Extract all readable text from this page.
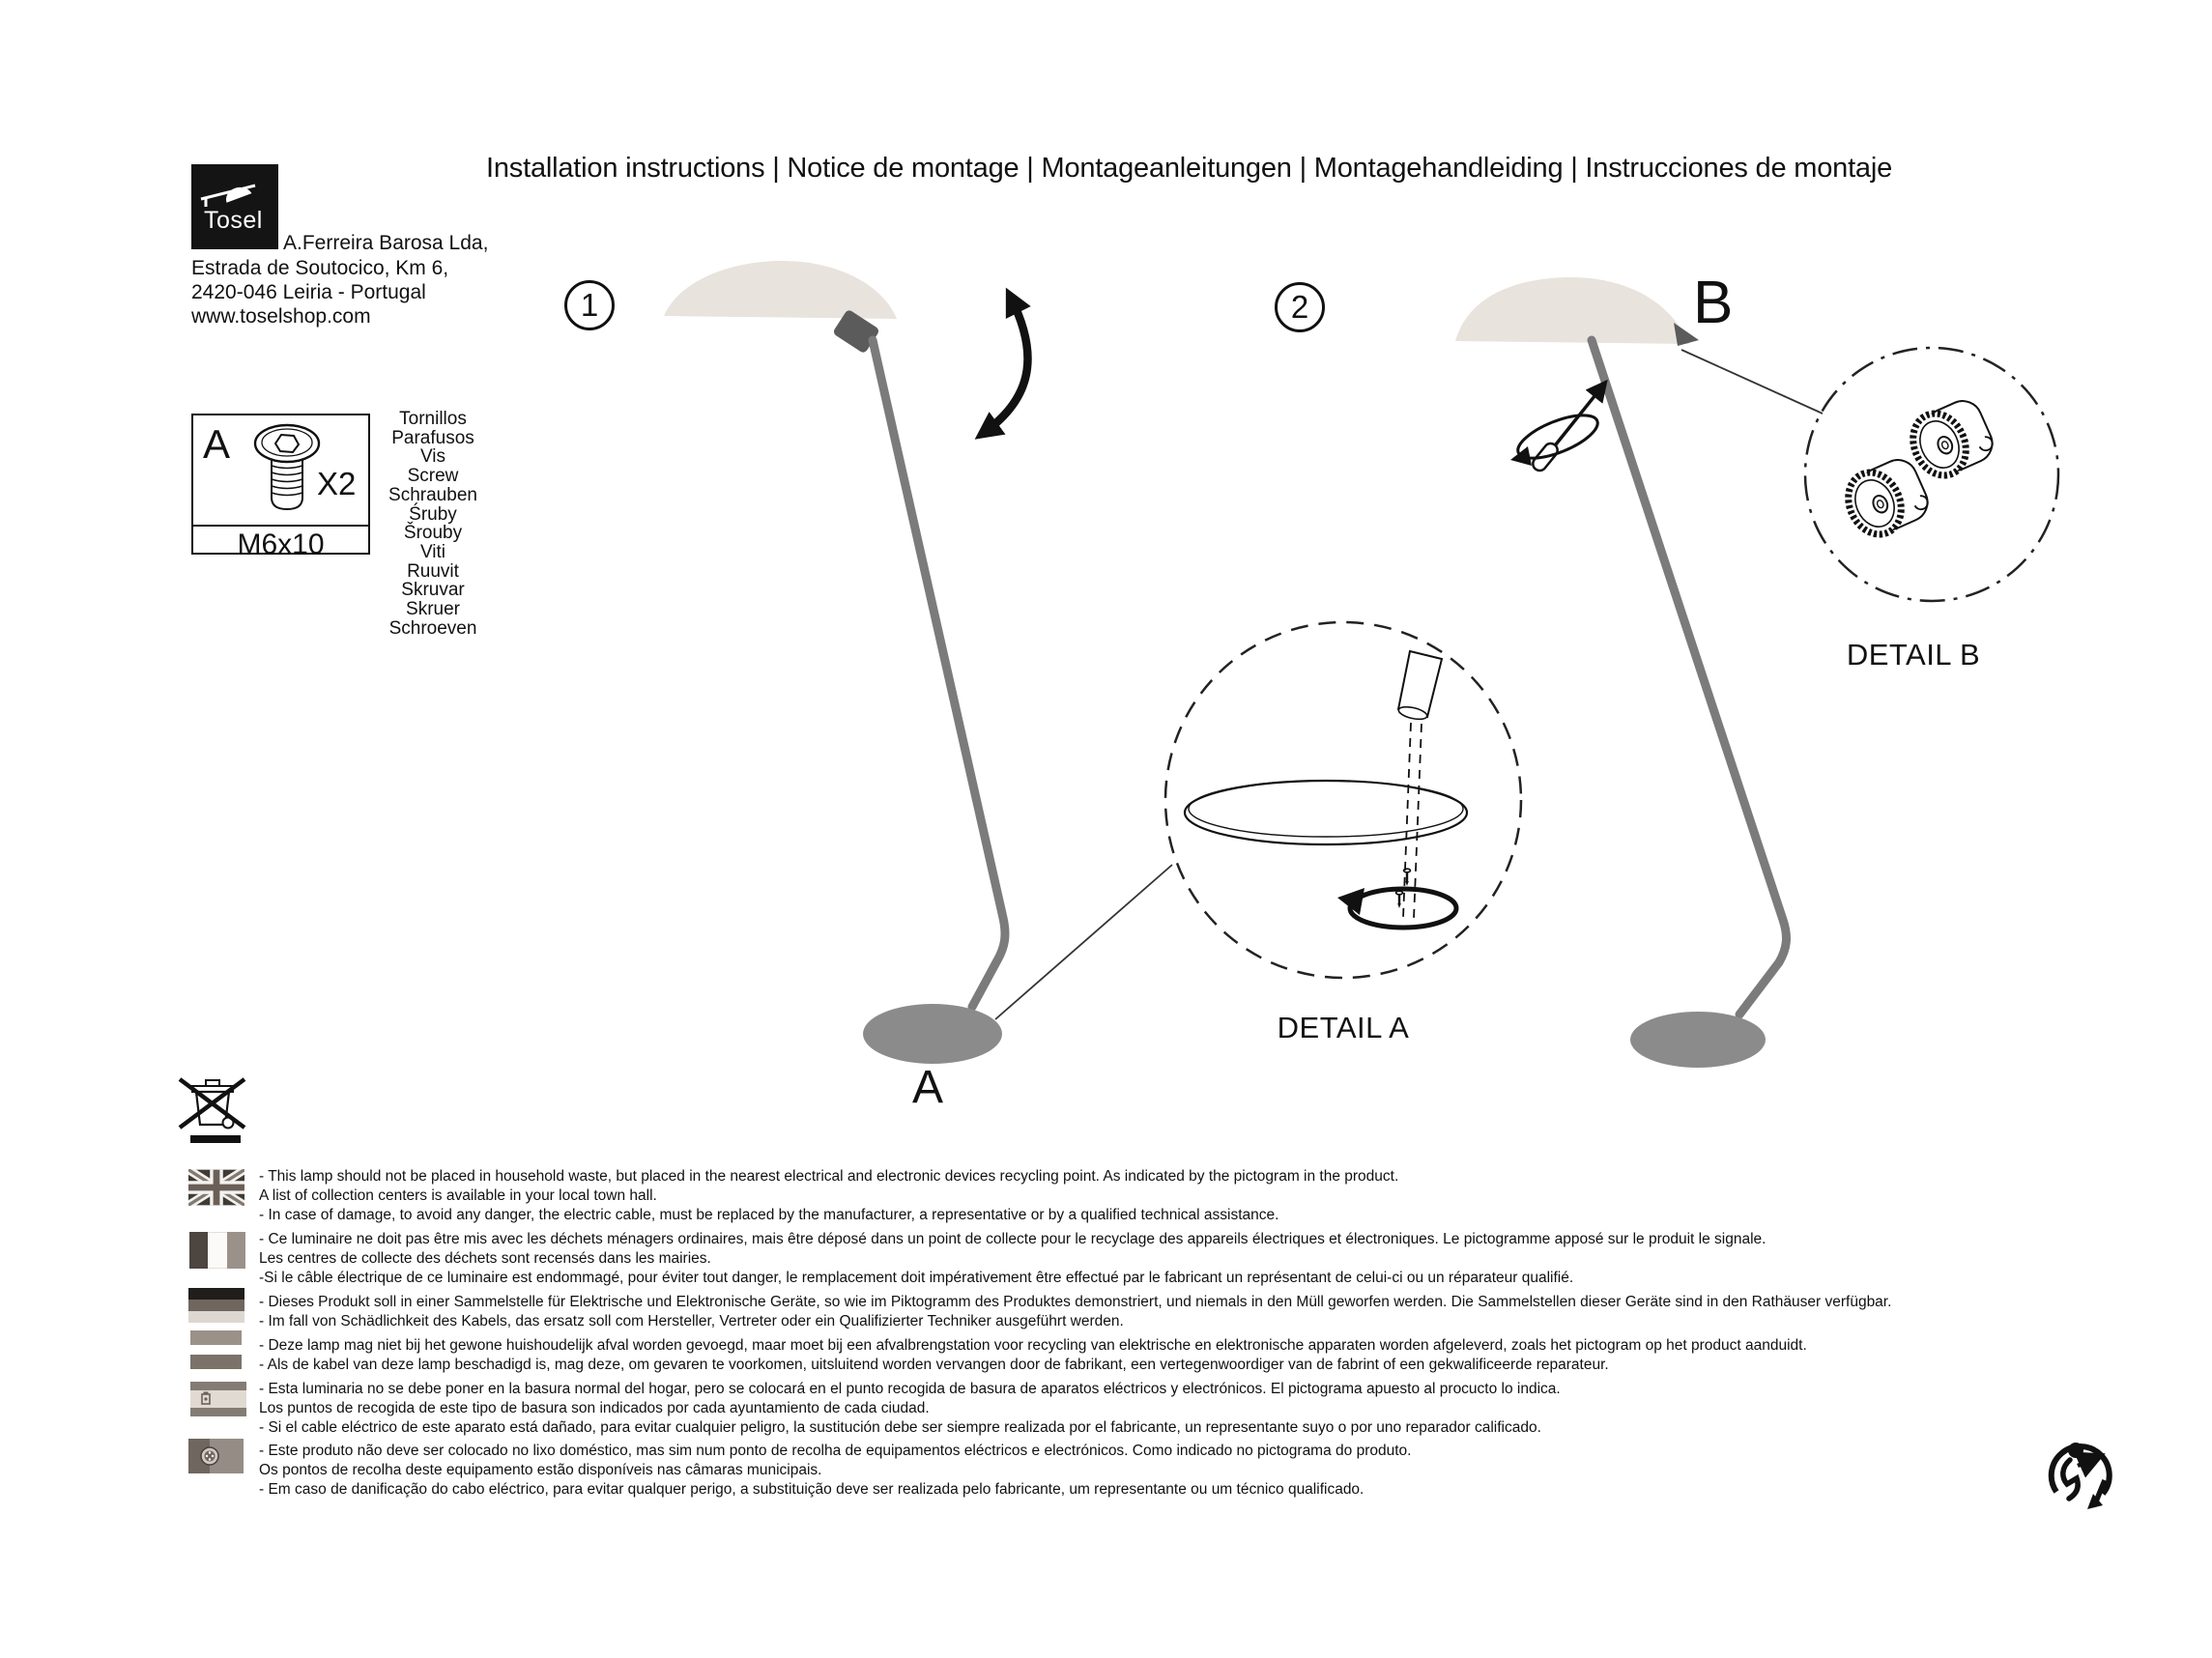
Installation instructions | Notice de montage | Montageanleitungen | Montagehandleiding | Instrucciones de montaje
Tosel
A.Ferreira Barosa Lda,
Estrada de Soutocico, Km 6,
2420-046 Leiria - Portugal
www.toselshop.com
A
X2
M6x10
Tornillos
Parafusos
Vis
Screw
Schrauben
Śruby
Šrouby
Viti
Ruuvit
Skruvar
Skruer
Schroeven
1	2	B
A
DETAIL A
DETAIL B
- This lamp should not be placed in household waste, but placed in the nearest electrical and electronic devices recycling point. As indicated by the pictogram in the product.
A list of collection centers is available in your local town hall.
- In case of damage, to avoid any danger, the electric cable, must be replaced by the manufacturer, a representative or by a qualified technical assistance.
- Ce luminaire ne doit pas être mis avec les déchets ménagers ordinaires, mais être déposé dans un point de collecte pour le recyclage des appareils électriques et électroniques. Le pictogramme apposé sur le produit le signale.
Les centres de collecte des déchets sont recensés dans les mairies.
-Si le câble électrique de ce luminaire est endommagé, pour éviter tout danger, le remplacement doit impérativement être effectué par le fabricant un représentant de celui-ci ou un réparateur qualifié.
- Dieses Produkt soll in einer Sammelstelle für Elektrische und Elektronische Geräte, so wie im Piktogramm des Produktes demonstriert, und niemals in den Müll geworfen werden. Die Sammelstellen dieser Geräte sind in den Rathäuser verfügbar.
- Im fall von Schädlichkeit des Kabels, das ersatz soll com Hersteller, Vertreter oder ein Qualifizierter Techniker ausgeführt werden.
- Deze lamp mag niet bij het gewone huishoudelijk afval worden gevoegd, maar moet bij een afvalbrengstation voor recycling van elektrische en elektronische apparaten worden afgeleverd, zoals het pictogram op het product aanduidt.
- Als de kabel van deze lamp beschadigd is, mag deze, om gevaren te voorkomen, uitsluitend worden vervangen door de fabrikant, een vertegenwoordiger van de fabrint of een gekwalificeerde reparateur.
- Esta luminaria no se debe poner en la basura normal del hogar, pero se colocará en el punto recogida de basura de aparatos eléctricos y electrónicos. El pictograma apuesto al procucto lo indica.
Los puntos de recogida de este tipo de basura son indicados por cada ayuntamiento de cada ciudad.
- Si el cable eléctrico de este aparato está dañado, para evitar cualquier peligro, la sustitución debe ser siempre realizada por el fabricante, un representante suyo o por uno reparador calificado.
- Este produto não deve ser colocado no lixo doméstico, mas sim num ponto de recolha de equipamentos eléctricos e electrónicos. Como indicado no pictograma do produto.
Os pontos de recolha deste equipamento estão disponíveis nas câmaras municipais.
- Em caso de danificação do cabo eléctrico, para evitar qualquer perigo, a substituição deve ser realizada pelo fabricante, um representante ou um técnico qualificado.
